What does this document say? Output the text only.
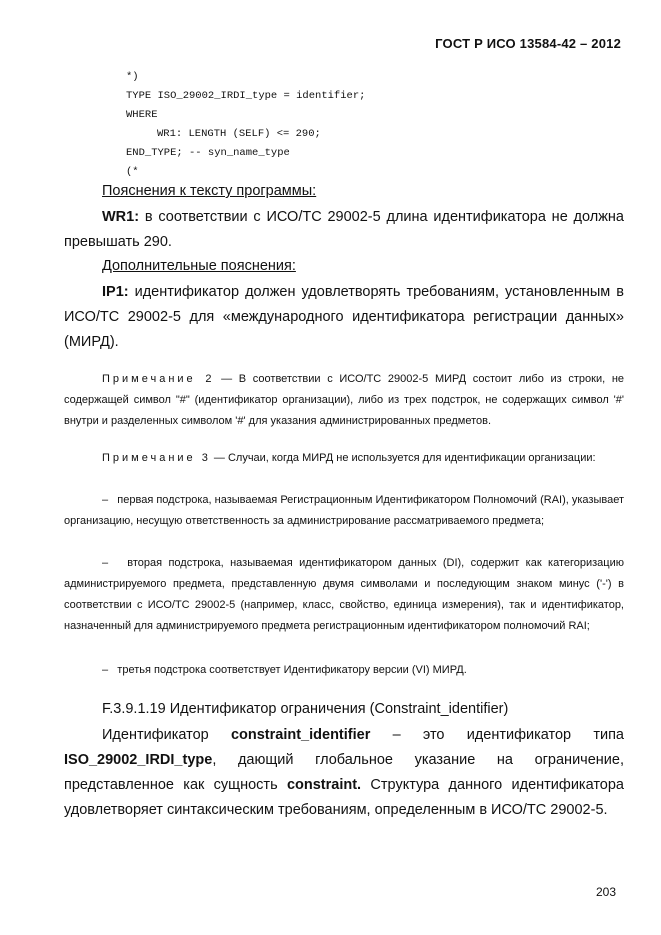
ГОСТ Р ИСО 13584-42 – 2012
*)
TYPE ISO_29002_IRDI_type = identifier;
WHERE
WR1: LENGTH (SELF) <= 290;
END_TYPE; -- syn_name_type
(*
Пояснения к тексту программы:
WR1: в соответствии с ИСО/ТС 29002-5 длина идентификатора не должна превышать 290.
Дополнительные пояснения:
IP1: идентификатор должен удовлетворять требованиям, установленным в ИСО/ТС 29002-5 для «международного идентификатора регистрации данных» (МИРД).
Примечание 2 — В соответствии с ИСО/ТС 29002-5 МИРД состоит либо из строки, не содержащей символ "#" (идентификатор организации), либо из трех подстрок, не содержащих символ '#' внутри и разделенных символом '#' для указания администрированных предметов.
Примечание 3 — Случаи, когда МИРД не используется для идентификации организации:
–   первая подстрока, называемая Регистрационным Идентификатором Полномочий (RAI), указывает организацию, несущую ответственность за администрирование рассматриваемого предмета;
–   вторая подстрока, называемая идентификатором данных (DI), содержит как категоризацию администрируемого предмета, представленную двумя символами и последующим знаком минус ('-') в соответствии с ИСО/ТС 29002-5 (например, класс, свойство, единица измерения), так и идентификатор, назначенный для администрируемого предмета регистрационным идентификатором полномочий RAI;
–   третья подстрока соответствует Идентификатору версии (VI) МИРД.
F.3.9.1.19 Идентификатор ограничения (Constraint_identifier)
Идентификатор constraint_identifier – это идентификатор типа ISO_29002_IRDI_type, дающий глобальное указание на ограничение, представленное как сущность constraint. Структура данного идентификатора удовлетворяет синтаксическим требованиям, определенным в ИСО/ТС 29002-5.
203
